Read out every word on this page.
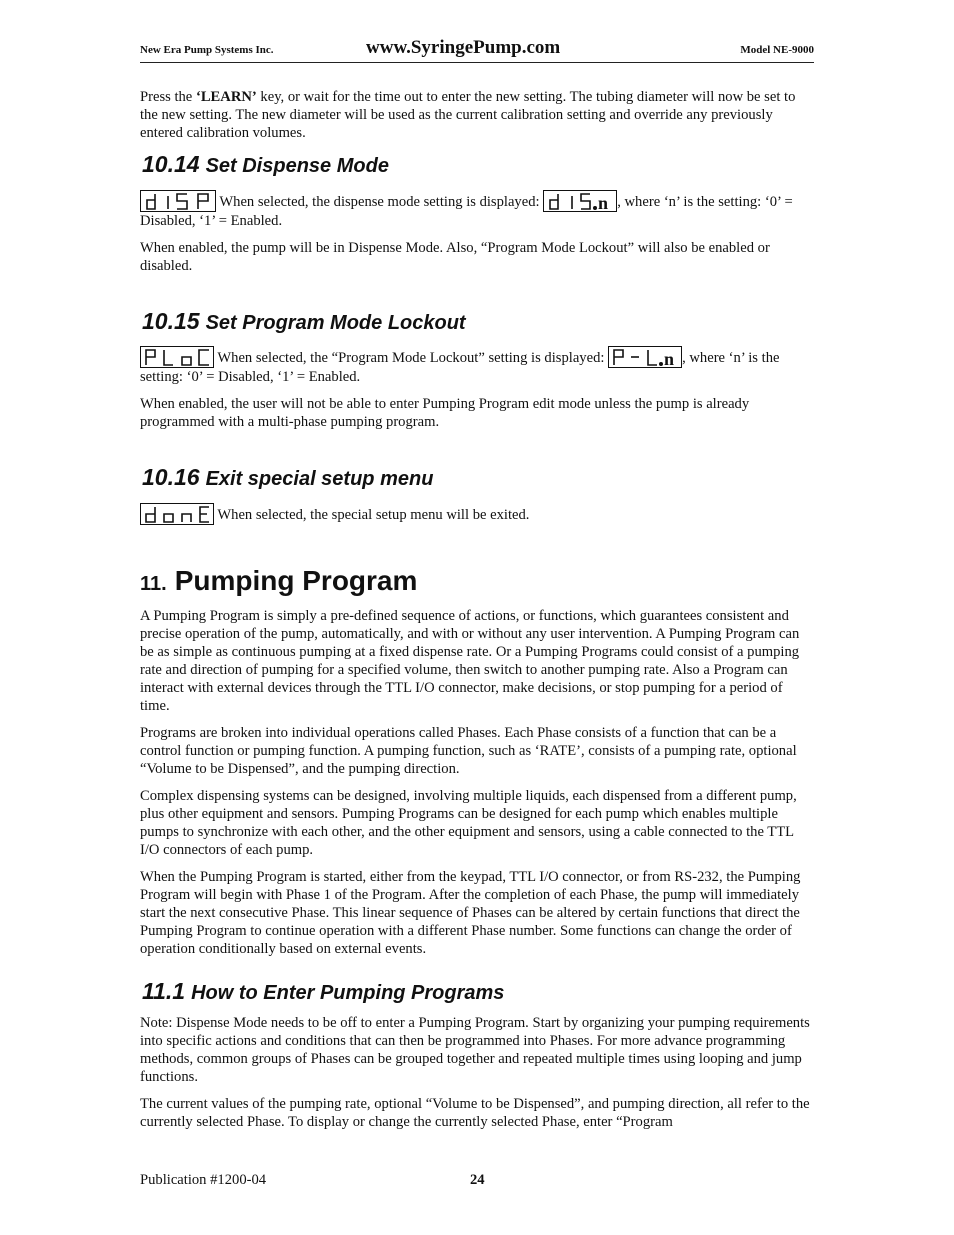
New Era Pump Systems Inc.	www.SyringePump.com	Model NE-9000

Press the ‘LEARN’ key, or wait for the time out to enter the new setting. The tubing diameter will now be set to the new setting. The new diameter will be used as the current calibration setting and override any previously entered calibration volumes.

10.14 Set Dispense Mode

When selected, the dispense mode setting is displayed:	n , where ‘n’ is the setting: ‘0’ = Disabled, ‘1’ = Enabled.

When enabled, the pump will be in Dispense Mode. Also, “Program Mode Lockout” will also be enabled or disabled.

10.15 Set Program Mode Lockout

When selected, the “Program Mode Lockout” setting is displayed:	n , where ‘n’ is the setting: ‘0’ = Disabled, ‘1’ = Enabled.

When enabled, the user will not be able to enter Pumping Program edit mode unless the pump is already programmed with a multi-phase pumping program.

10.16 Exit special setup menu

When selected, the special setup menu will be exited.

11. Pumping Program

A Pumping Program is simply a pre-defined sequence of actions, or functions, which guarantees consistent and precise operation of the pump, automatically, and with or without any user intervention. A Pumping Program can be as simple as continuous pumping at a fixed dispense rate. Or a Pumping Programs could consist of a pumping rate and direction of pumping for a specified volume, then switch to another pumping rate. Also a Program can interact with external devices through the TTL I/O connector, make decisions, or stop pumping for a period of time.

Programs are broken into individual operations called Phases. Each Phase consists of a function that can be a control function or pumping function. A pumping function, such as ‘RATE’, consists of a pumping rate, optional “Volume to be Dispensed”, and the pumping direction.

Complex dispensing systems can be designed, involving multiple liquids, each dispensed from a different pump, plus other equipment and sensors. Pumping Programs can be designed for each pump which enables multiple pumps to synchronize with each other, and the other equipment and sensors, using a cable connected to the TTL I/O connectors of each pump.

When the Pumping Program is started, either from the keypad, TTL I/O connector, or from RS-232, the Pumping Program will begin with Phase 1 of the Program. After the completion of each Phase, the pump will immediately start the next consecutive Phase. This linear sequence of Phases can be altered by certain functions that direct the Pumping Program to continue operation with a different Phase number. Some functions can change the order of operation conditionally based on external events.

11.1 How to Enter Pumping Programs

Note: Dispense Mode needs to be off to enter a Pumping Program. Start by organizing your pumping requirements into specific actions and conditions that can then be programmed into Phases. For more advance programming methods, common groups of Phases can be grouped together and repeated multiple times using looping and jump functions.

The current values of the pumping rate, optional “Volume to be Dispensed”, and pumping direction, all refer to the currently selected Phase. To display or change the currently selected Phase, enter “Program

Publication #1200-04	24
